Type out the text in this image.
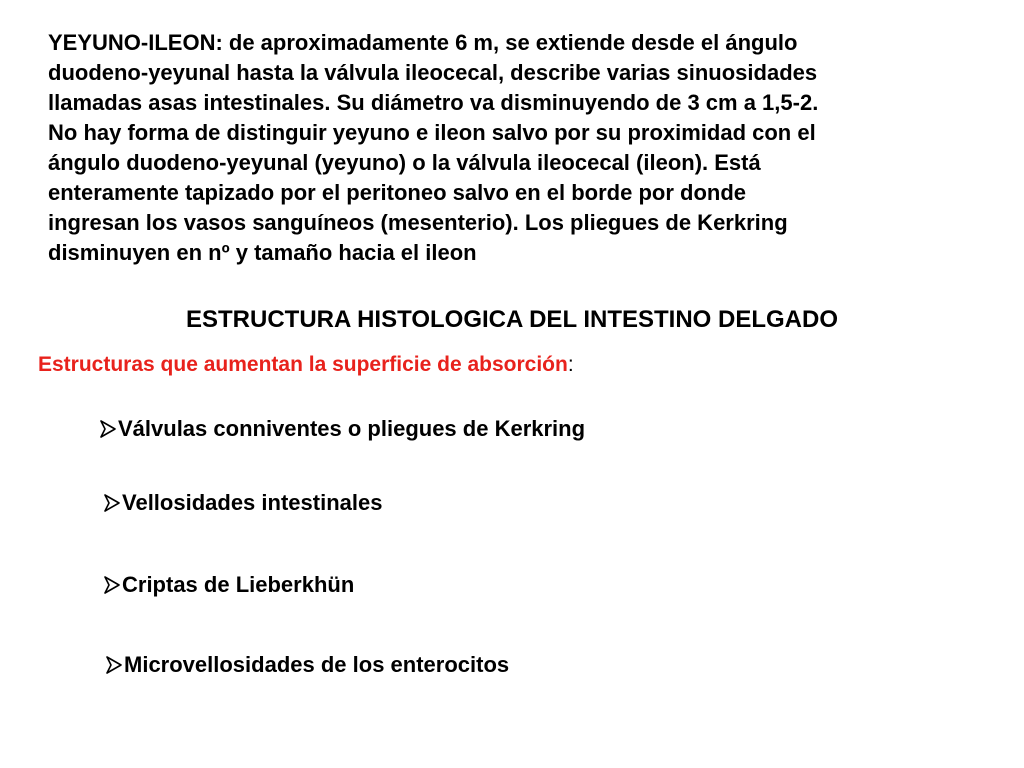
YEYUNO-ILEON: de aproximadamente 6 m, se extiende desde el ángulo
duodeno-yeyunal hasta la válvula ileocecal, describe varias sinuosidades
llamadas asas intestinales. Su diámetro va disminuyendo de 3 cm a 1,5-2.
No hay forma de distinguir yeyuno e ileon salvo por su proximidad con el
ángulo duodeno-yeyunal (yeyuno) o la válvula ileocecal (ileon). Está
enteramente tapizado por el peritoneo salvo en el borde por donde
ingresan los vasos sanguíneos (mesenterio). Los pliegues de Kerkring
disminuyen en nº y tamaño hacia el ileon

ESTRUCTURA HISTOLOGICA DEL INTESTINO DELGADO

Estructuras que aumentan la superficie de absorción:

Válvulas conniventes o pliegues de Kerkring
Vellosidades intestinales
Criptas de Lieberkhün
Microvellosidades de los enterocitos
